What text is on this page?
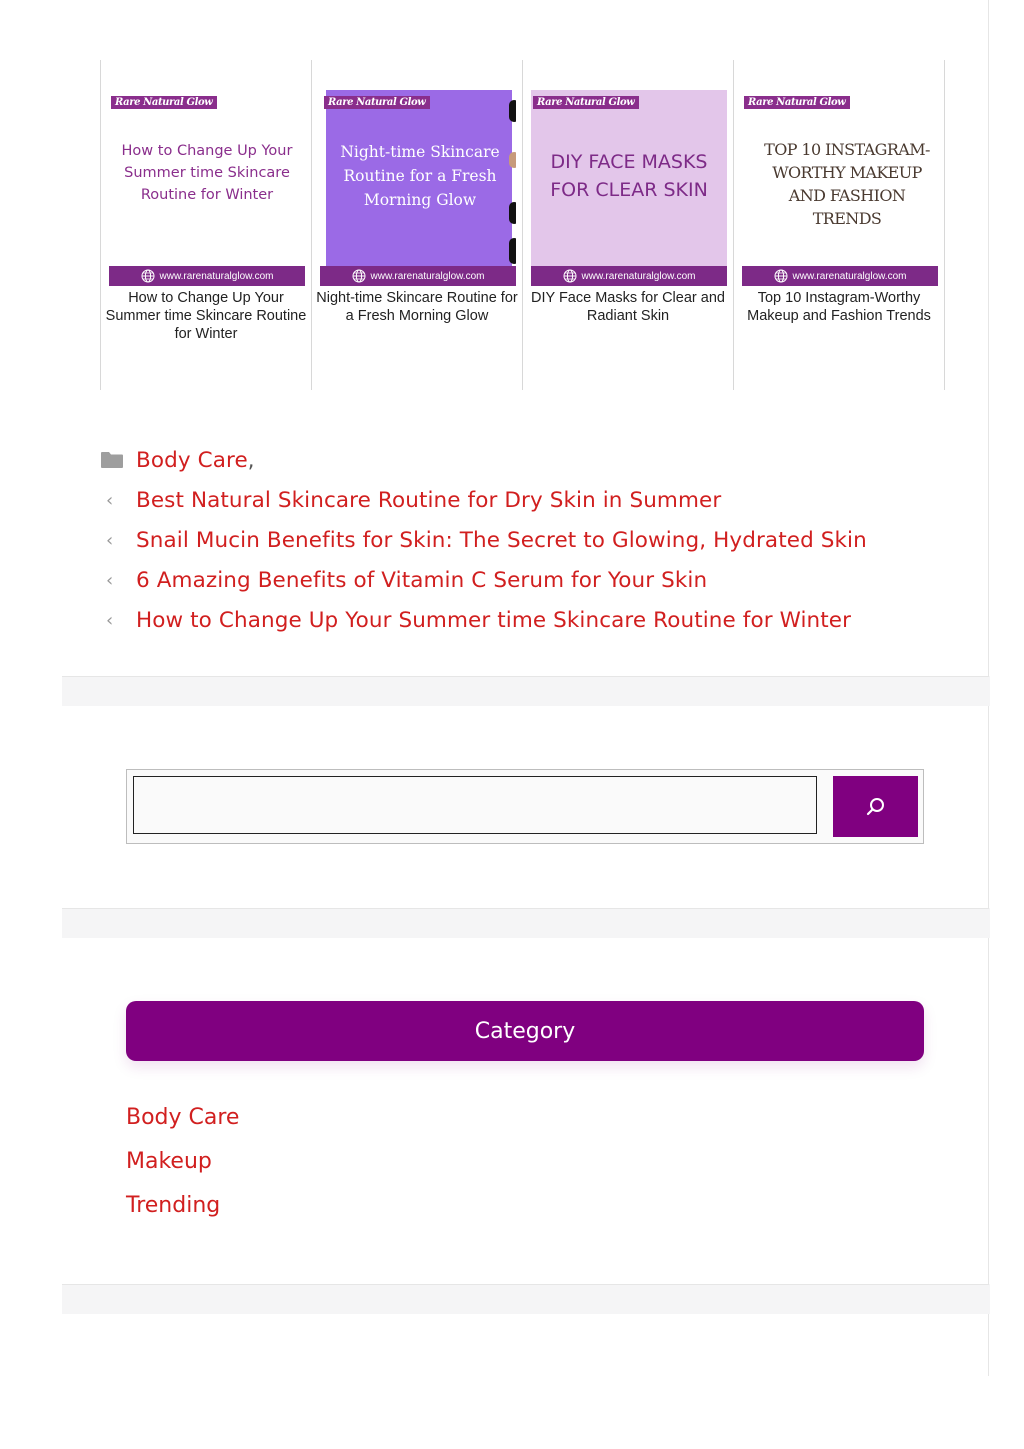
Rare Natural Glow
How to Change Up Your Summer time Skincare Routine for Winter
www.rarenaturalglow.com
How to Change Up Your Summer time Skincare Routine for Winter
Rare Natural Glow
Night-time Skincare Routine for a Fresh Morning Glow
www.rarenaturalglow.com
Night-time Skincare Routine for a Fresh Morning Glow
Rare Natural Glow
DIY FACE MASKS FOR CLEAR SKIN
www.rarenaturalglow.com
DIY Face Masks for Clear and Radiant Skin
Rare Natural Glow
TOP 10 INSTAGRAM-WORTHY MAKEUP AND FASHION TRENDS
www.rarenaturalglow.com
Top 10 Instagram-Worthy Makeup and Fashion Trends
Body Care ,
‹ Best Natural Skincare Routine for Dry Skin in Summer
‹ Snail Mucin Benefits for Skin: The Secret to Glowing, Hydrated Skin
‹ 6 Amazing Benefits of Vitamin C Serum for Your Skin
‹ How to Change Up Your Summer time Skincare Routine for Winter
Category
Body Care
Makeup
Trending
